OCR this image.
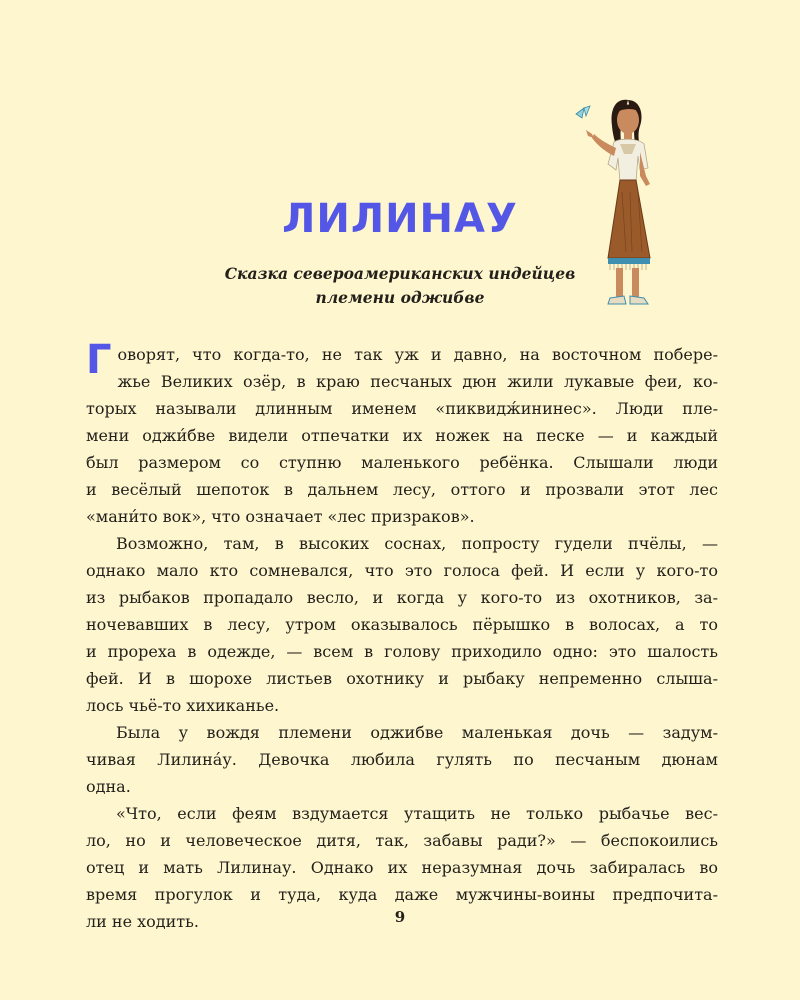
ЛИЛИНАУ
Сказка североамериканских индейцев
племени оджибве

Г оворят, что когда-то, не так уж и давно, на восточном побере-
жье Великих озёр, в краю песчаных дюн жили лукавые феи, ко-
торых называли длинным именем «пиквидж́ининес». Люди пле-
мени оджи́бве видели отпечатки их ножек на песке — и каждый
был размером со ступню маленького ребёнка. Слышали люди
и весёлый шепоток в дальнем лесу, оттого и прозвали этот лес
«мани́то вок», что означает «лес призраков».

Возможно, там, в высоких соснах, попросту гудели пчёлы, —
однако мало кто сомневался, что это голоса фей. И если у кого-то
из рыбаков пропадало весло, и когда у кого-то из охотников, за-
ночевавших в лесу, утром оказывалось пёрышко в волосах, а то
и прореха в одежде, — всем в голову приходило одно: это шалость
фей. И в шорохе листьев охотнику и рыбаку непременно слыша-
лось чьё-то хихиканье.

Была у вождя племени оджибве маленькая дочь — задум-
чивая Лилина́у. Девочка любила гулять по песчаным дюнам
одна.

«Что, если феям вздумается утащить не только рыбачье вес-
ло, но и человеческое дитя, так, забавы ради?» — беспокоились
отец и мать Лилинау. Однако их неразумная дочь забиралась во
время прогулок и туда, куда даже мужчины-воины предпочита-
ли не ходить.	9
